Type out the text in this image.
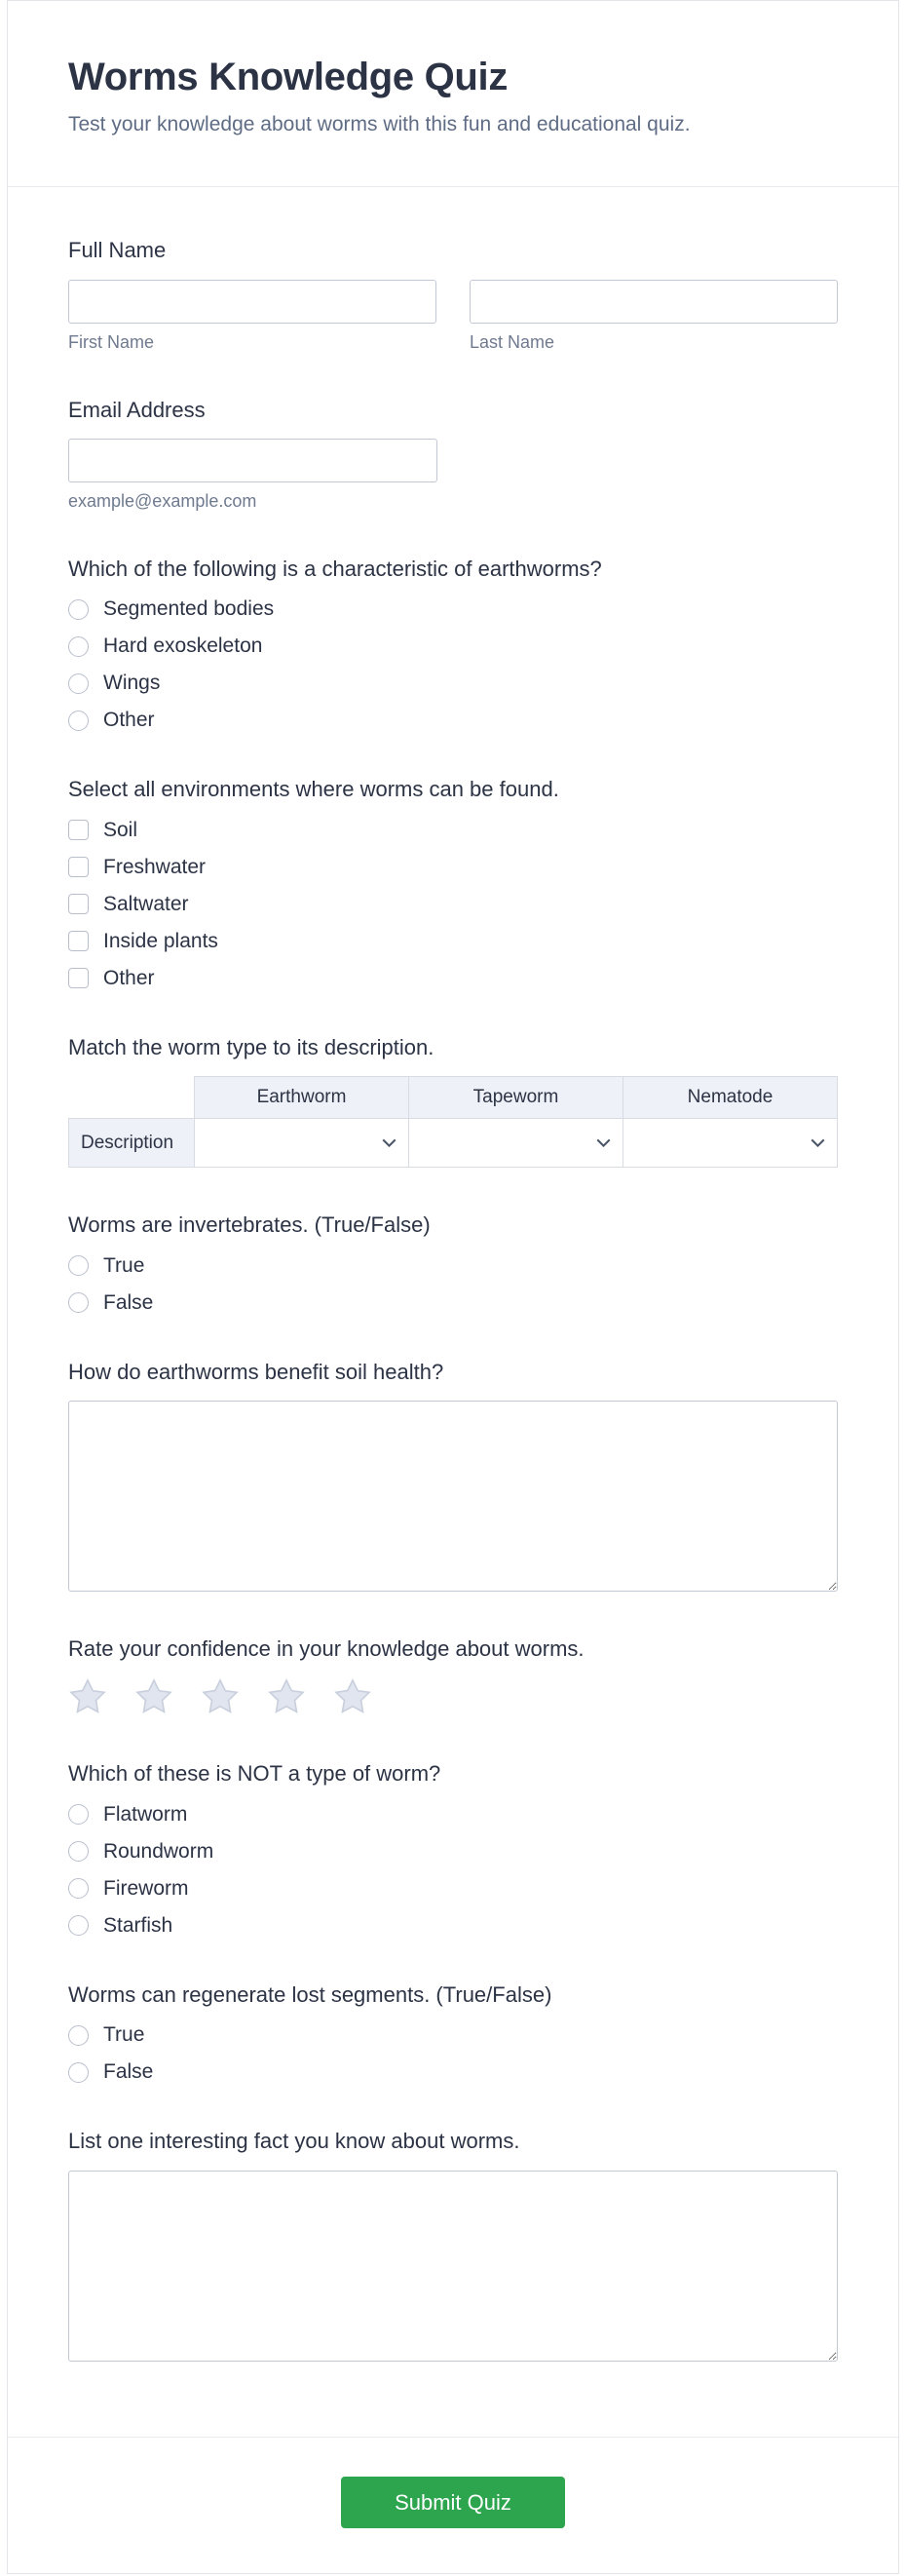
Worms Knowledge Quiz

Test your knowledge about worms with this fun and educational quiz.

Full Name
First Name	Last Name
Email Address
example@example.com
Which of the following is a characteristic of earthworms?
Segmented bodies
Hard exoskeleton
Wings
Other
Select all environments where worms can be found.
Soil
Freshwater
Saltwater
Inside plants
Other
Match the worm type to its description.
	Earthworm	Tapeworm	Nematode
Description	

Worms are invertebrates. (True/False)
True
False
How do earthworms benefit soil health?
Rate your confidence in your knowledge about worms.
Which of these is NOT a type of worm?
Flatworm
Roundworm
Fireworm
Starfish
Worms can regenerate lost segments. (True/False)
True
False
List one interesting fact you know about worms.
Submit Quiz
